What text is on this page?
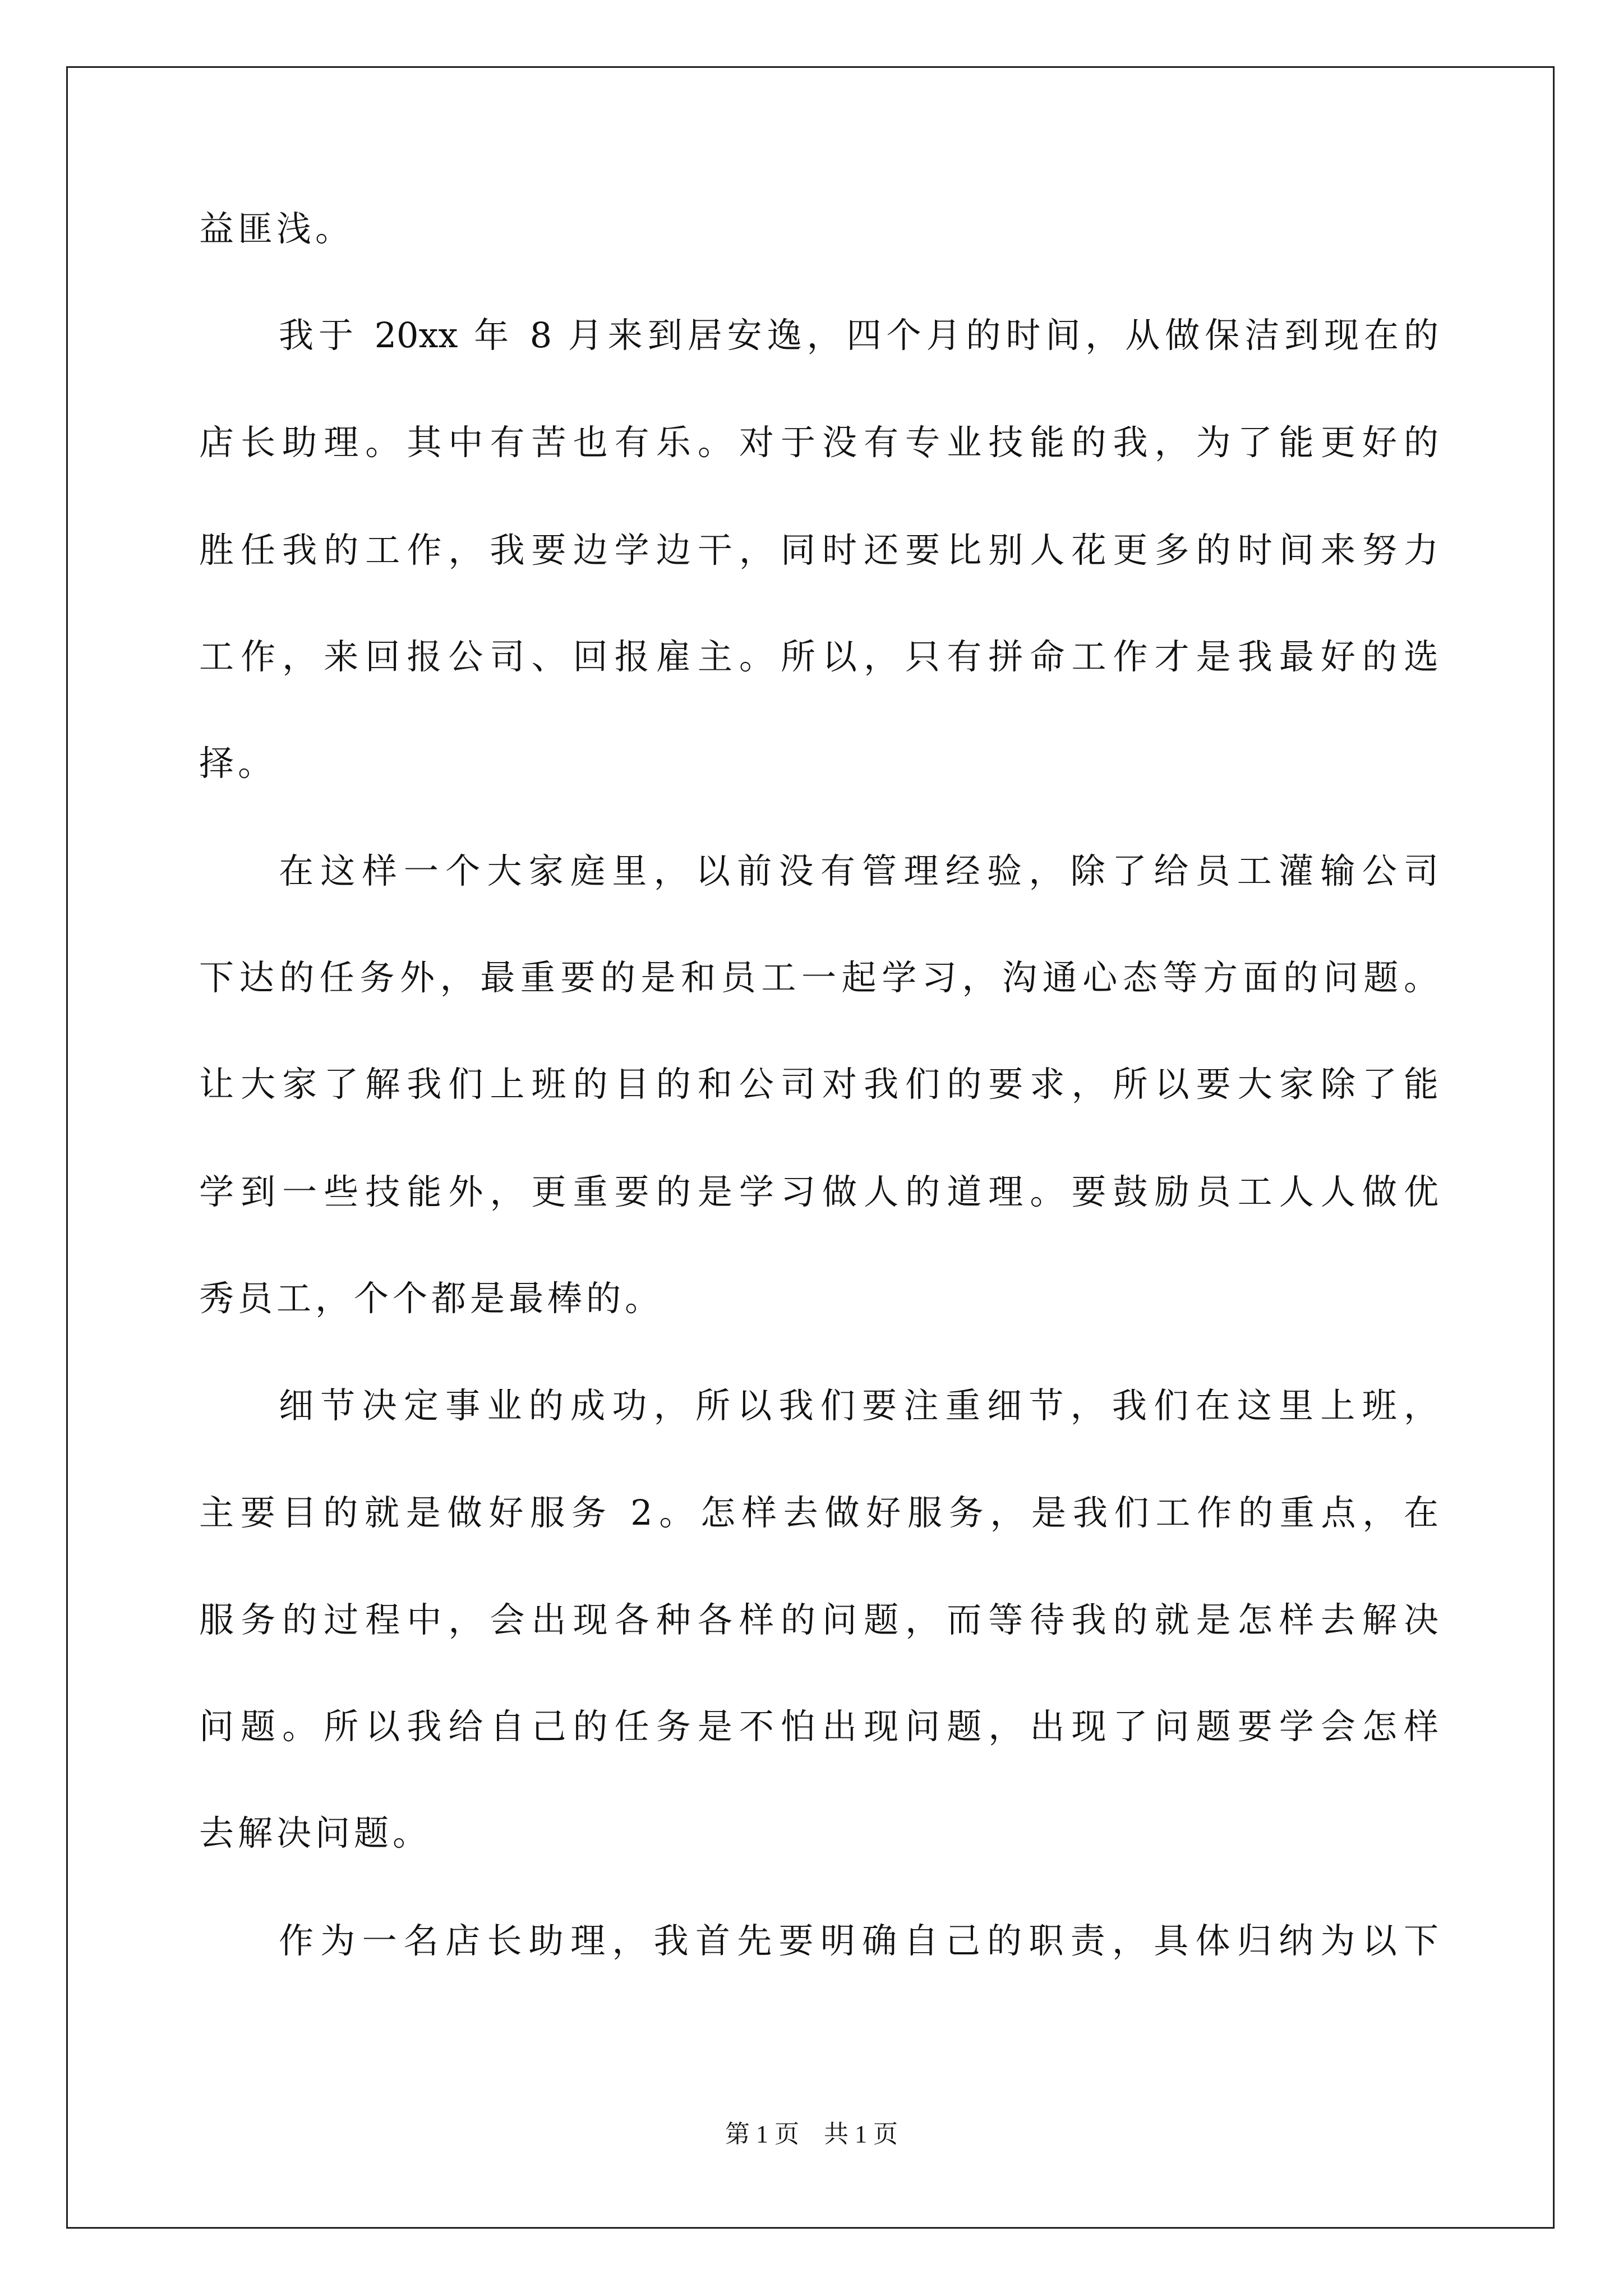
益匪浅。
我于 20xx 年 8 月来到居安逸，四个月的时间，从做保洁到现在的
店长助理。其中有苦也有乐。对于没有专业技能的我，为了能更好的
胜任我的工作，我要边学边干，同时还要比别人花更多的时间来努力
工作，来回报公司、回报雇主。所以，只有拼命工作才是我最好的选
择。
在这样一个大家庭里，以前没有管理经验，除了给员工灌输公司
下达的任务外，最重要的是和员工一起学习，沟通心态等方面的问题。
让大家了解我们上班的目的和公司对我们的要求，所以要大家除了能
学到一些技能外，更重要的是学习做人的道理。要鼓励员工人人做优
秀员工，个个都是最棒的。
细节决定事业的成功，所以我们要注重细节，我们在这里上班，
主要目的就是做好服务 2。怎样去做好服务，是我们工作的重点，在
服务的过程中，会出现各种各样的问题，而等待我的就是怎样去解决
问题。所以我给自己的任务是不怕出现问题，出现了问题要学会怎样
去解决问题。
作为一名店长助理，我首先要明确自己的职责，具体归纳为以下
第 1 页    共 1 页
